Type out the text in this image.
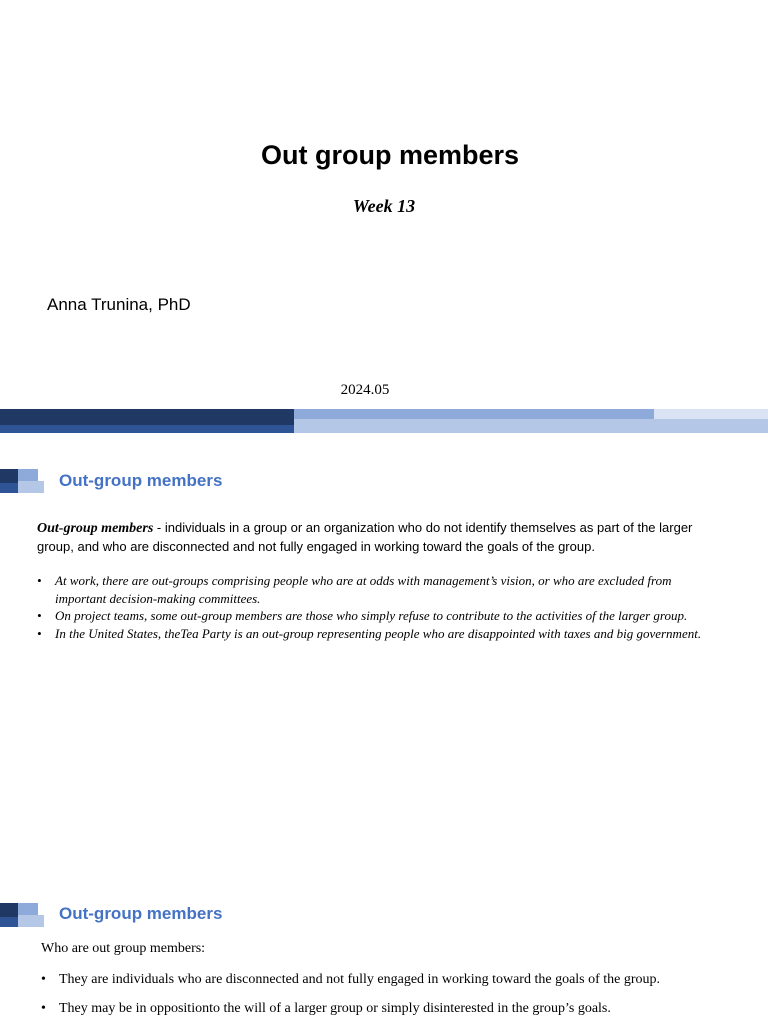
Out group members
Week 13
Anna Trunina, PhD
2024.05
Out-group members
Out-group members - individuals in a group or an organization who do not identify themselves as part of the larger group, and who are disconnected and not fully engaged in working toward the goals of the group.
• At work, there are out-groups comprising people who are at odds with management’s vision, or who are excluded from important decision-making committees.
• On project teams, some out-group members are those who simply refuse to contribute to the activities of the larger group.
• In the United States, theTea Party is an out-group representing people who are disappointed with taxes and big government.
Out-group members
Who are out group members:
• They are individuals who are disconnected and not fully engaged in working toward the goals of the group.
• They may be in oppositionto the will of a larger group or simply disinterested in the group’s goals.
